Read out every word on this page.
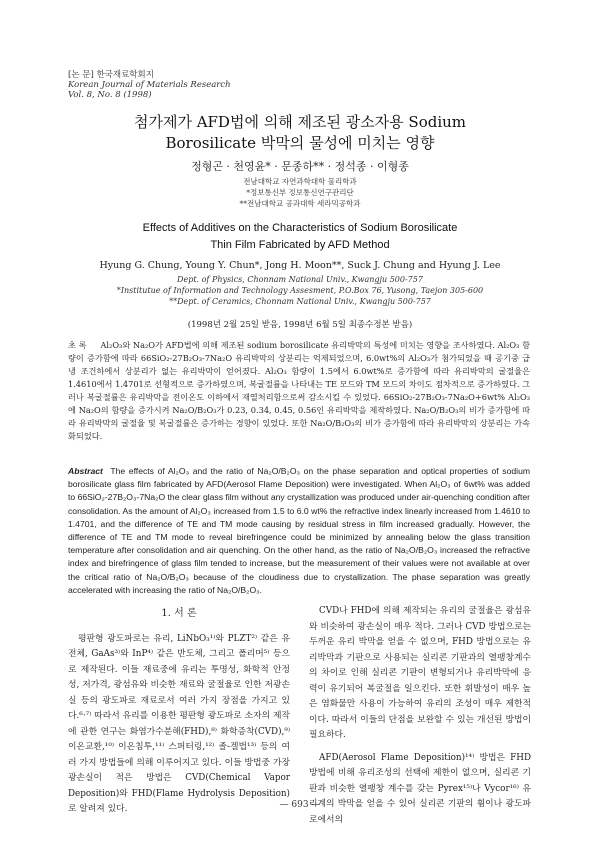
[논 문] 한국재료학회지
Korean Journal of Materials Research
Vol. 8, No. 8 (1998)
첨가제가 AFD법에 의해 제조된 광소자용 Sodium
Borosilicate 박막의 물성에 미치는 영향
정형곤 · 천영윤* · 문종하** · 정석종 · 이형종
전남대학교 자연과학대학 물리학과
*정보통신부 정보통신연구관리단
**전남대학교 공과대학 세라믹공학과
Effects of Additives on the Characteristics of Sodium Borosilicate
Thin Film Fabricated by AFD Method
Hyung G. Chung, Young Y. Chun*, Jong H. Moon**, Suck J. Chung and Hyung J. Lee
Dept. of Physics, Chonnam National Univ., Kwangju 500-757
*Institutue of Information and Technology Assesment, P.O.Box 76, Yusong, Taejon 305-600
**Dept. of Ceramics, Chonnam National Univ., Kwangju 500-757
(1998년 2월 25일 받음, 1998년 6월 5일 최종수정본 받음)
초 록 Al₂O₃와 Na₂O가 AFD법에 의해 제조된 sodium borosilicate 유리박막의 특성에 미치는 영향을 조사하였다. Al₂O₃ 함량이 증가함에 따라 66SiO₂-27B₂O₃-7Na₂O 유리박막의 상분리는 억제되었으며, 6.0wt%의 Al₂O₃가 첨가되었을 때 공기중 급냉 조건하에서 상분리가 없는 유리박막이 얻어졌다. Al₂O₃ 함량이 1.5에서 6.0wt%로 증가함에 따라 유리박막의 굴절율은 1.4610에서 1.4701로 선형적으로 증가하였으며, 복굴절률을 나타내는 TE 모드와 TM 모드의 차이도 점차적으로 증가하였다. 그러나 복굴절률은 유리박막을 전이온도 이하에서 재열처리함으로써 감소시킬 수 있었다. 66SiO₂-27B₂O₃-7Na₂O+6wt% Al₂O₃에 Na₂O의 함량을 증가시켜 Na₂O/B₂O₃가 0.23, 0.34, 0.45, 0.56인 유리박막을 제작하였다. Na₂O/B₂O₃의 비가 증가함에 따라 유리박막의 굴절율 및 복굴절률은 증가하는 경향이 있었다. 또한 Na₂O/B₂O₃의 비가 증가함에 따라 유리박막의 상분리는 가속화되었다.
Abstract The effects of Al₂O₃ and the ratio of Na₂O/B₂O₃ on the phase separation and optical properties of sodium borosilicate glass film fabricated by AFD(Aerosol Flame Deposition) were investigated. When Al₂O₃ of 6wt% was added to 66SiO₂-27B₂O₃-7Na₂O the clear glass film without any crystallization was produced under air-quenching condition after consolidation. As the amount of Al₂O₃ increased from 1.5 to 6.0 wt% the refractive index linearly increased from 1.4610 to 1.4701, and the difference of TE and TM mode causing by residual stress in film increased gradually. However, the difference of TE and TM mode to reveal birefringence could be minimized by annealing below the glass transition temperature after consolidation and air quenching. On the other hand, as the ratio of Na₂O/B₂O₃ increased the refractive index and birefringence of glass film tended to increase, but the measurement of their values were not available at over the critical ratio of Na₂O/B₂O₃ because of the cloudiness due to crystallization. The phase separation was greatly accelerated with increasing the ratio of Na₂O/B₂O₃.
1. 서 론

평판형 광도파로는 유리, LiNbO₃¹⁾와 PLZT²⁾ 같은 유전체, GaAs³⁾와 InP⁴⁾ 같은 반도체, 그리고 폴리머⁵⁾ 등으로 제작된다. 이들 재료중에 유리는 투명성, 화학적 안정성, 저가격, 광섬유와 비슷한 재료와 굴절율로 인한 저광손실 등의 광도파로 재료로서 여러 가지 장점을 가지고 있다.⁶·⁷⁾ 따라서 유리를 이용한 평판형 광도파로 소자의 제작에 관한 연구는 화염가수분해(FHD),⁸⁾ 화학증착(CVD),⁹⁾ 이온교환,¹⁰⁾ 이온침투,¹¹⁾ 스퍼터링,¹²⁾ 졸-겔법¹³⁾ 등의 여러 가지 방법들에 의해 이루어지고 있다. 이들 방법중 가장 광손실이 적은 방법은 CVD(Chemical Vapor Deposition)와 FHD(Flame Hydrolysis Deposition)로 알려져 있다.

CVD나 FHD에 의해 제작되는 유리의 굴절율은 광섬유와 비슷하여 광손실이 매우 적다. 그러나 CVD 방법으로는 두꺼운 유리 박막을 얻을 수 없으며, FHD 방법으로는 유리박막과 기판으로 사용되는 실리콘 기판과의 열팽창계수의 차이로 인해 실리콘 기판이 변형되거나 유리박막에 응력이 유기되어 복굴절을 일으킨다. 또한 휘발성이 매우 높은 염화물만 사용이 가능하여 유리의 조성이 매우 제한적이다. 따라서 이들의 단점을 보완할 수 있는 개선된 방법이 필요하다.

AFD(Aerosol Flame Deposition)¹⁴⁾ 방법은 FHD 방법에 비해 유리조성의 선택에 제한이 없으며, 실리콘 기판과 비슷한 열팽창 계수를 갖는 Pyrex¹⁵⁾나 Vycor¹⁶⁾ 유리계의 박막을 얻을 수 있어 실리콘 기판의 휨이나 광도파로에서의

— 693 —
